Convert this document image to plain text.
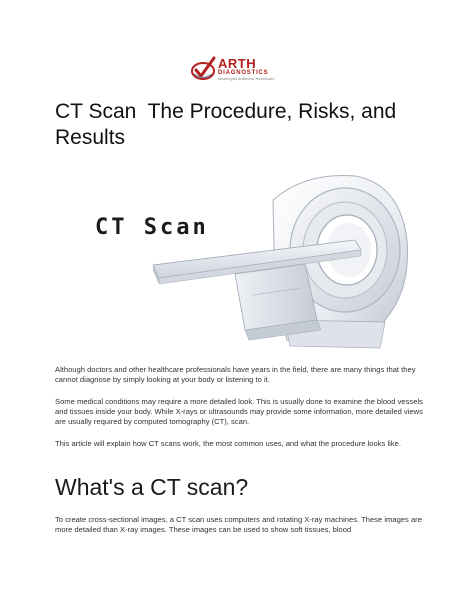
ARTH
DIAGNOSTICS
Meaningful Authentic Healthcare
CT Scan  The Procedure, Risks, and Results
CT Scan

Although doctors and other healthcare professionals have years in the field, there are many things that they cannot diagnose by simply looking at your body or listening to it.

Some medical conditions may require a more detailed look. This is usually done to examine the blood vessels and tissues inside your body. While X-rays or ultrasounds may provide some information, more detailed views are usually required by computed tomography (CT), scan.

This article will explain how CT scans work, the most common uses, and what the procedure looks like.

What's a CT scan?

To create cross-sectional images, a CT scan uses computers and rotating X-ray machines. These images are more detailed than X-ray images. These images can be used to show soft tissues, blood
